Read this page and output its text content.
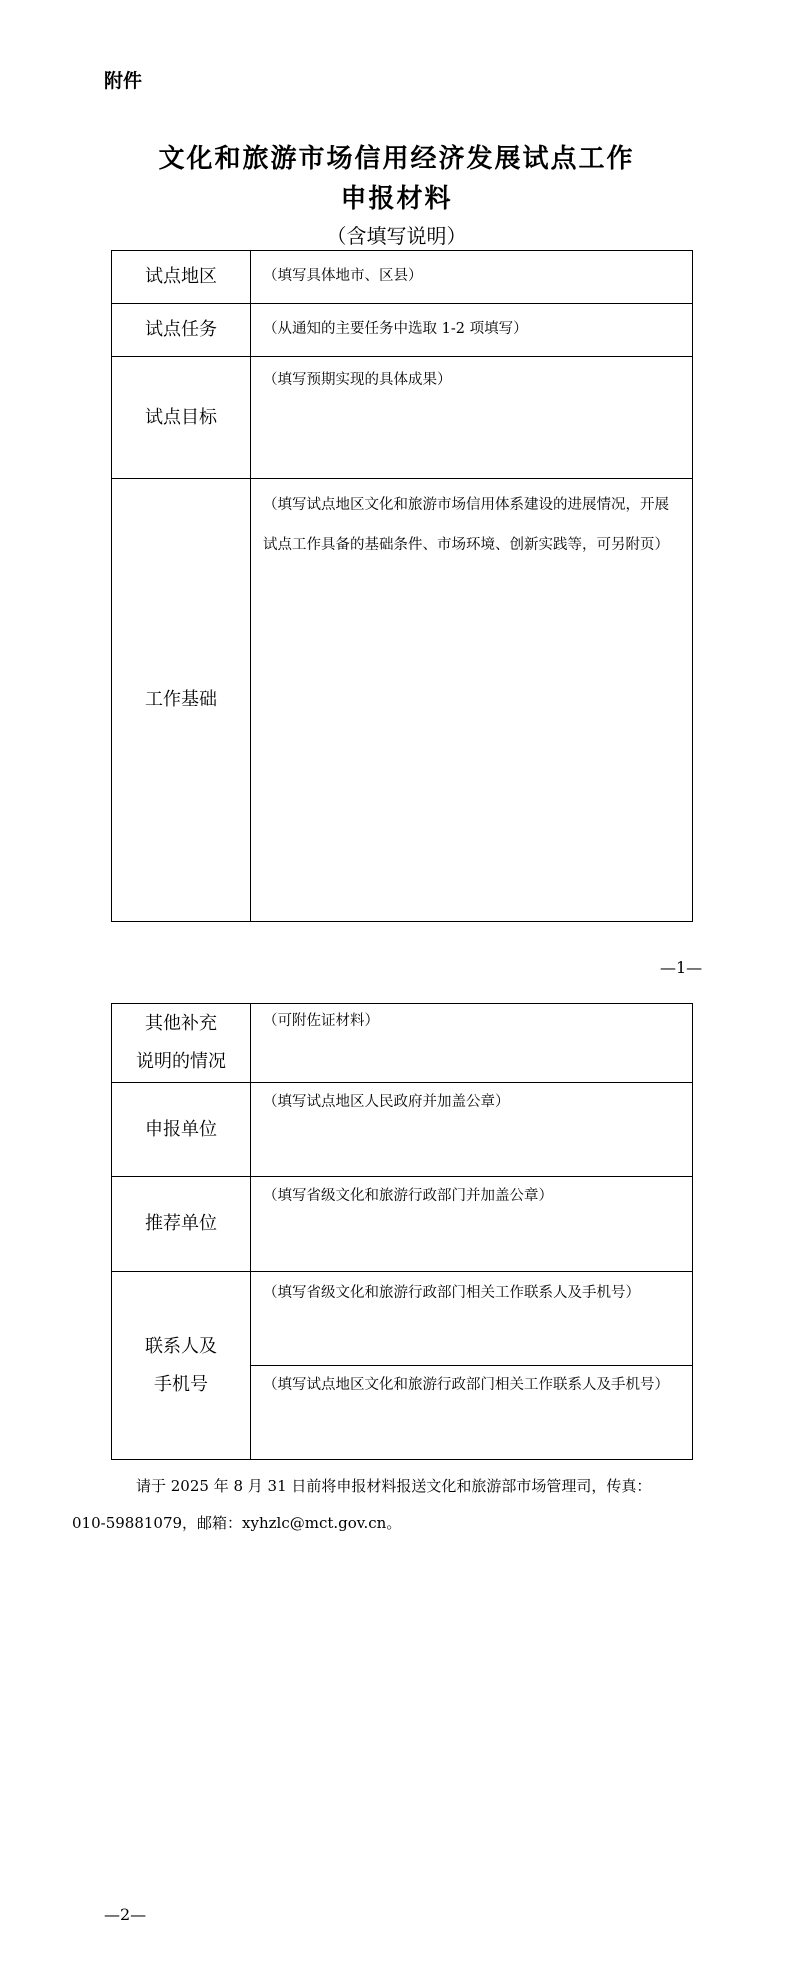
附件
文化和旅游市场信用经济发展试点工作
申报材料
（含填写说明）
试点地区	（填写具体地市、区县）
试点任务	（从通知的主要任务中选取 1-2 项填写）
试点目标	（填写预期实现的具体成果）
工作基础	（填写试点地区文化和旅游市场信用体系建设的进展情况，开展试点工作具备的基础条件、市场环境、创新实践等，可另附页）
—1—
其他补充
说明的情况	（可附佐证材料）
申报单位	（填写试点地区人民政府并加盖公章）
推荐单位	（填写省级文化和旅游行政部门并加盖公章）
联系人及
手机号	（填写省级文化和旅游行政部门相关工作联系人及手机号）
	（填写试点地区文化和旅游行政部门相关工作联系人及手机号）
请于 2025 年 8 月 31 日前将申报材料报送文化和旅游部市场管理司，传真：
010-59881079，邮箱：xyhzlc@mct.gov.cn。
—2—
